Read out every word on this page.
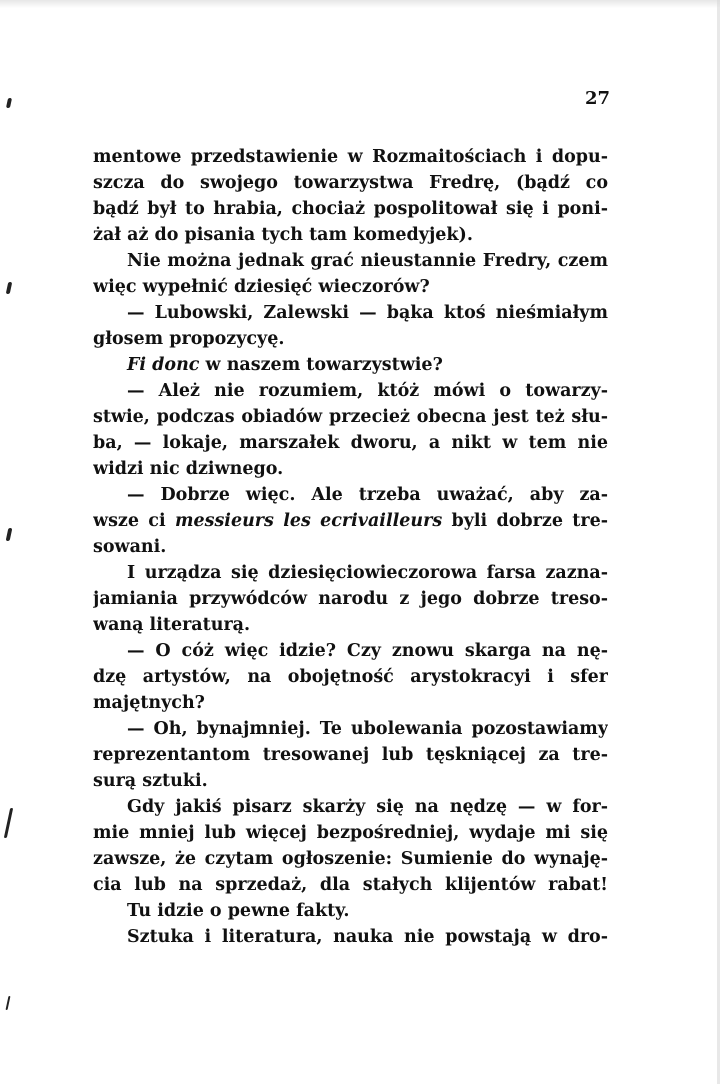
27
mentowe przedstawienie w Rozmaitościach i dopu-
szcza do swojego towarzystwa Fredrę, (bądź co
bądź był to hrabia, chociaż pospolitował się i poni-
żał aż do pisania tych tam komedyjek).
Nie można jednak grać nieustannie Fredry, czem
więc wypełnić dziesięć wieczorów?
— Lubowski, Zalewski — bąka ktoś nieśmiałym
głosem propozycyę.
Fi donc w naszem towarzystwie?
— Ależ nie rozumiem, któż mówi o towarzy-
stwie, podczas obiadów przecież obecna jest też słu-
ba, — lokaje, marszałek dworu, a nikt w tem nie
widzi nic dziwnego.
— Dobrze więc. Ale trzeba uważać, aby za-
wsze ci messieurs les ecrivailleurs byli dobrze tre-
sowani.
I urządza się dziesięciowieczorowa farsa zazna-
jamiania przywódców narodu z jego dobrze treso-
waną literaturą.
— O cóż więc idzie? Czy znowu skarga na nę-
dzę artystów, na obojętność arystokracyi i sfer
majętnych?
— Oh, bynajmniej. Te ubolewania pozostawiamy
reprezentantom tresowanej lub tęskniącej za tre-
surą sztuki.
Gdy jakiś pisarz skarży się na nędzę — w for-
mie mniej lub więcej bezpośredniej, wydaje mi się
zawsze, że czytam ogłoszenie: Sumienie do wynaję-
cia lub na sprzedaż, dla stałych klijentów rabat!
Tu idzie o pewne fakty.
Sztuka i literatura, nauka nie powstają w dro-
